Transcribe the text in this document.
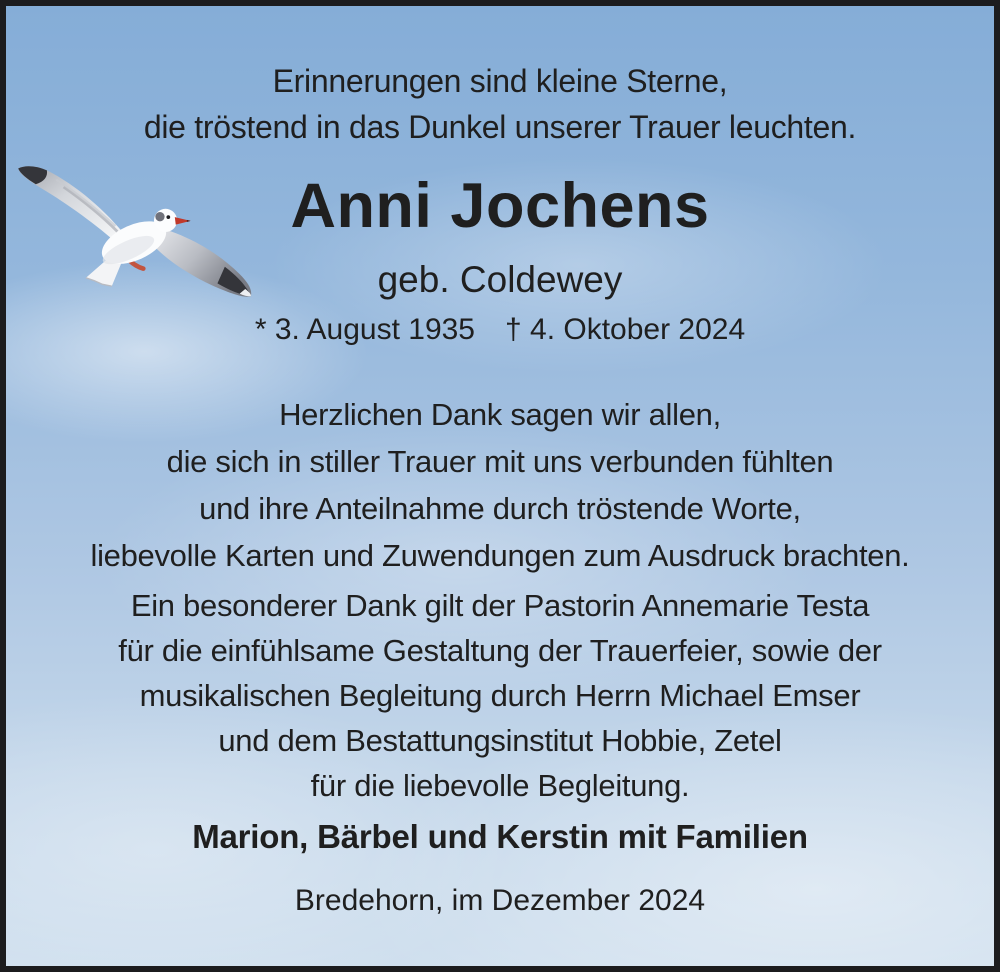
Erinnerungen sind kleine Sterne,
die tröstend in das Dunkel unserer Trauer leuchten.
Anni Jochens
geb. Coldewey
* 3. August 1935 † 4. Oktober 2024
Herzlichen Dank sagen wir allen,
die sich in stiller Trauer mit uns verbunden fühlten
und ihre Anteilnahme durch tröstende Worte,
liebevolle Karten und Zuwendungen zum Ausdruck brachten.
Ein besonderer Dank gilt der Pastorin Annemarie Testa
für die einfühlsame Gestaltung der Trauerfeier, sowie der
musikalischen Begleitung durch Herrn Michael Emser
und dem Bestattungsinstitut Hobbie, Zetel
für die liebevolle Begleitung.
Marion, Bärbel und Kerstin mit Familien
Bredehorn, im Dezember 2024
